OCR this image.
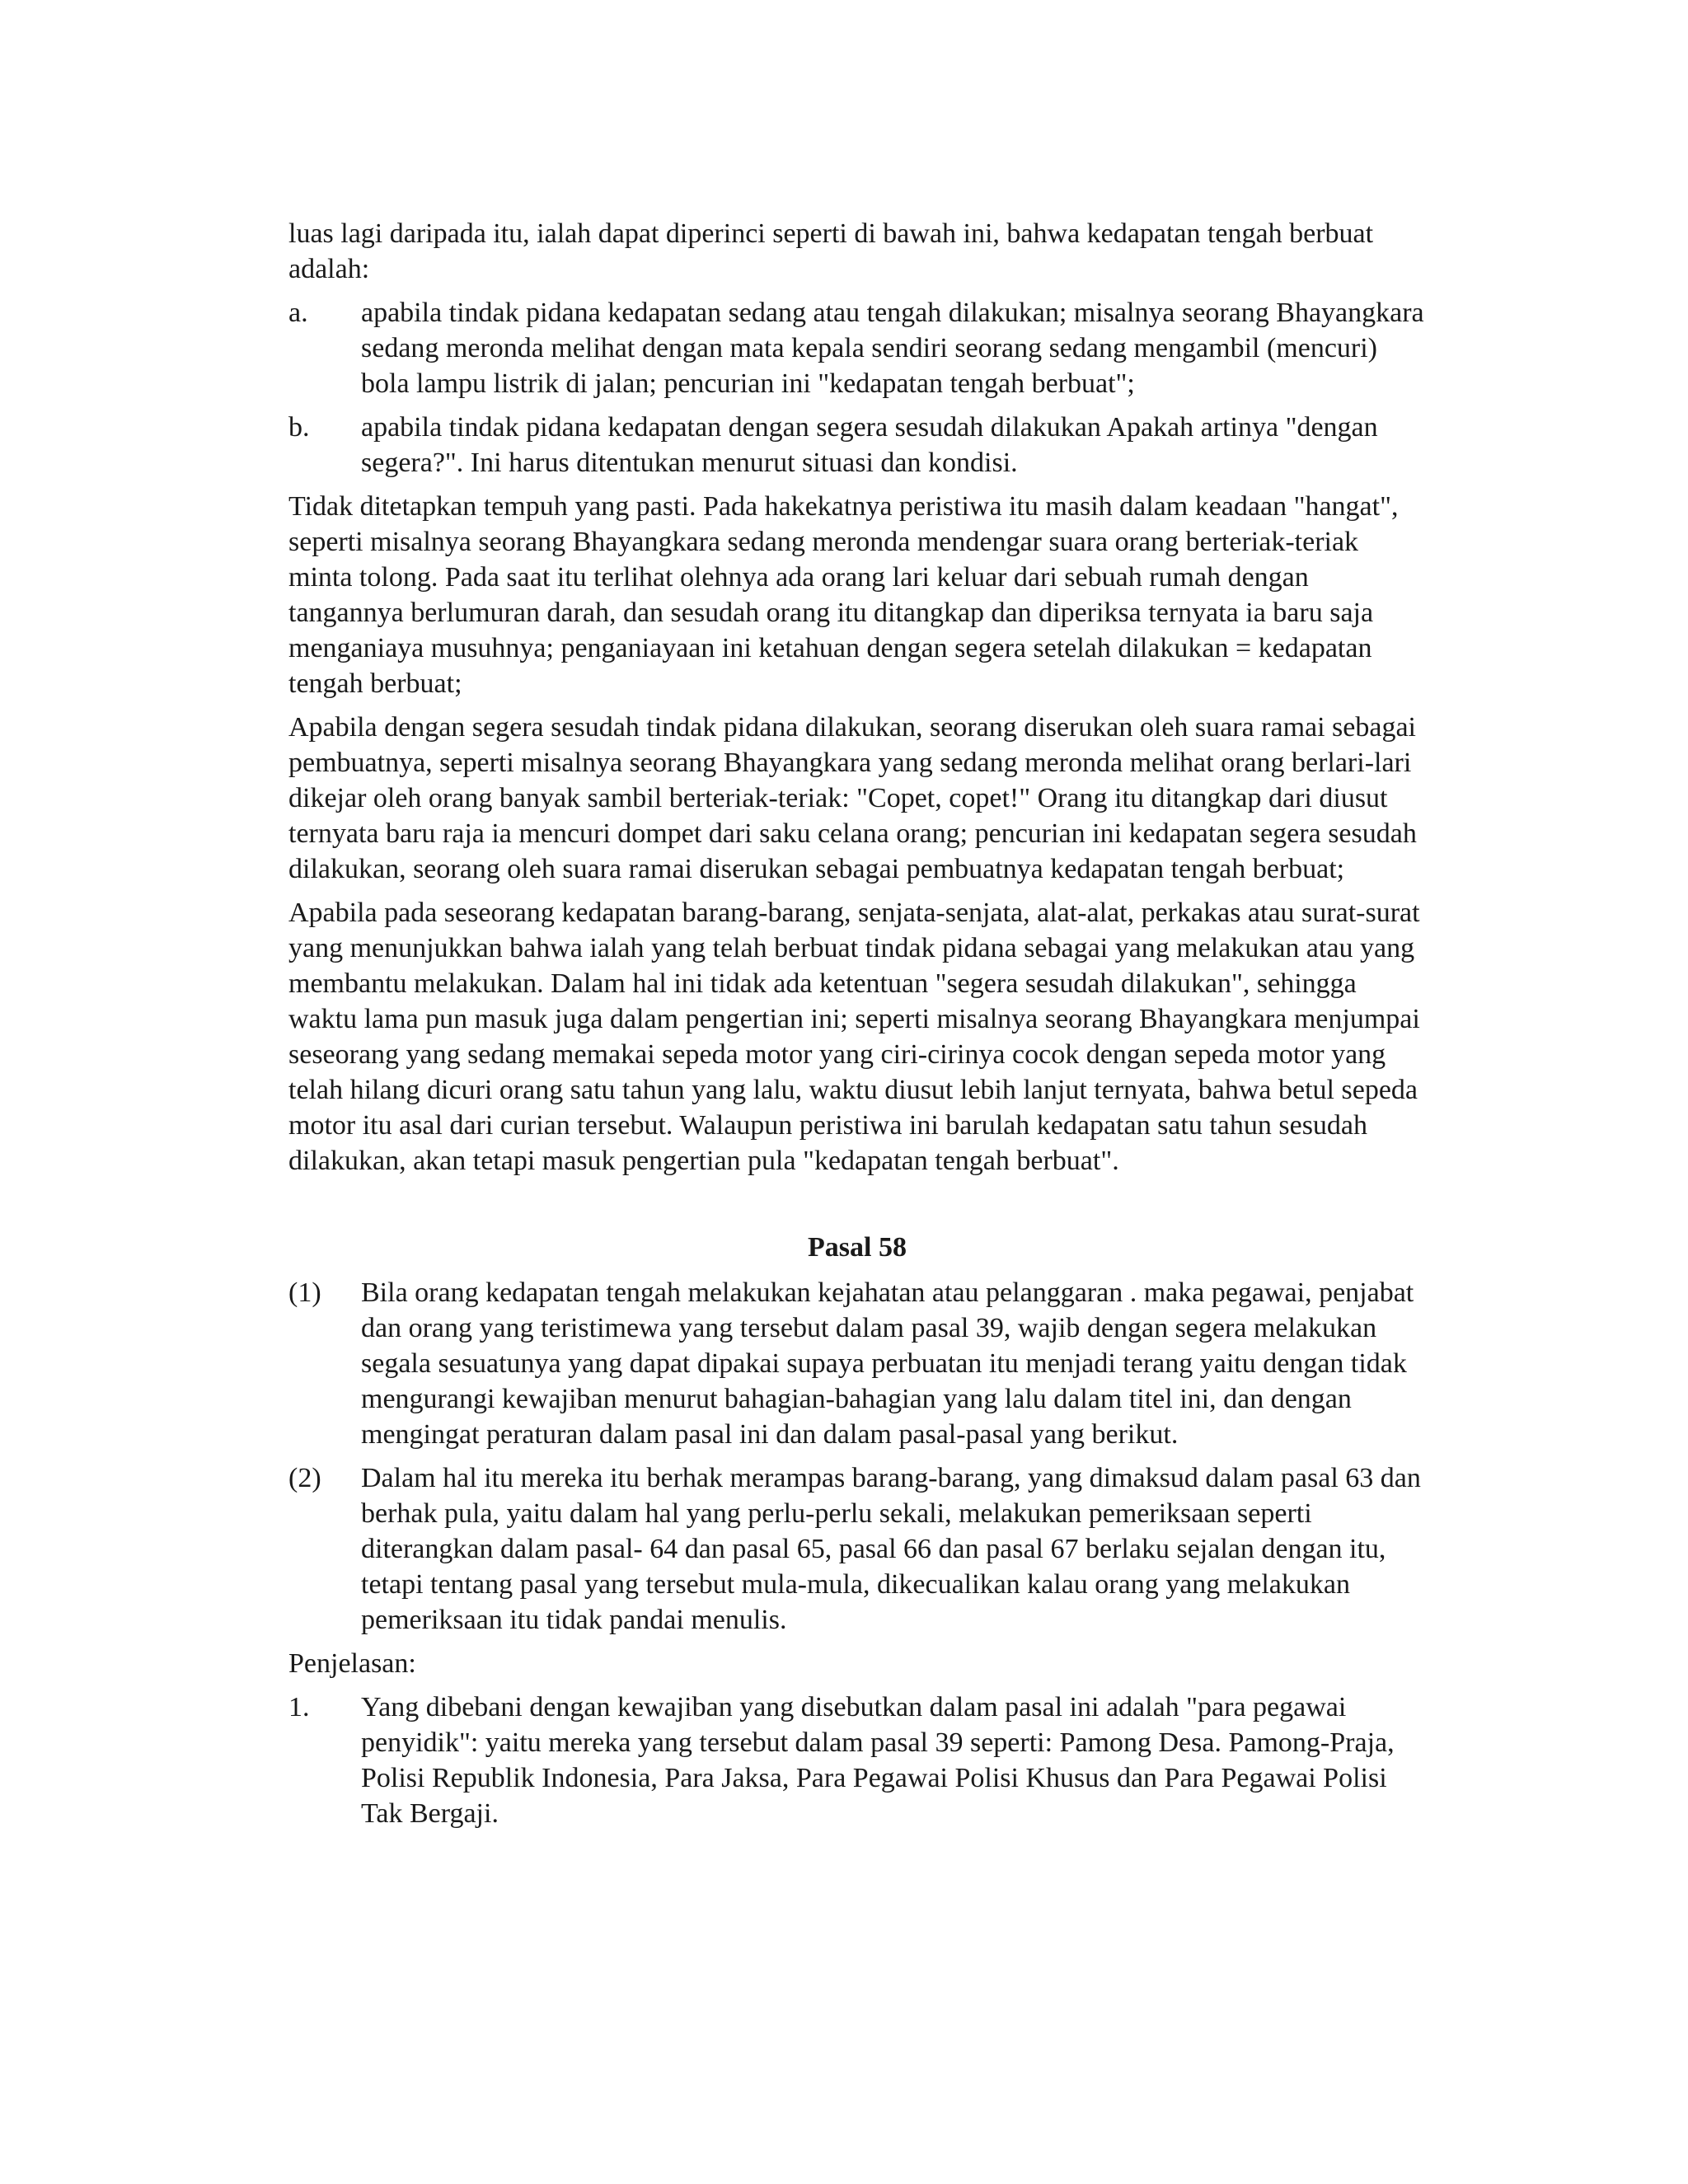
luas lagi daripada itu, ialah dapat diperinci seperti di bawah ini, bahwa kedapatan tengah berbuat adalah:

a.	apabila tindak pidana kedapatan sedang atau tengah dilakukan; misalnya seorang Bhayangkara sedang meronda melihat dengan mata kepala sendiri seorang sedang mengambil (mencuri) bola lampu listrik di jalan; pencurian ini "kedapatan tengah berbuat";
b.	apabila tindak pidana kedapatan dengan segera sesudah dilakukan Apakah artinya "dengan segera?". Ini harus ditentukan menurut situasi dan kondisi.

Tidak ditetapkan tempuh yang pasti. Pada hakekatnya peristiwa itu masih dalam keadaan "hangat", seperti misalnya seorang Bhayangkara sedang meronda mendengar suara orang berteriak-teriak minta tolong. Pada saat itu terlihat olehnya ada orang lari keluar dari sebuah rumah dengan tangannya berlumuran darah, dan sesudah orang itu ditangkap dan diperiksa ternyata ia baru saja menganiaya musuhnya; penganiayaan ini ketahuan dengan segera setelah dilakukan = kedapatan tengah berbuat;

Apabila dengan segera sesudah tindak pidana dilakukan, seorang diserukan oleh suara ramai sebagai pembuatnya, seperti misalnya seorang Bhayangkara yang sedang meronda melihat orang berlari-lari dikejar oleh orang banyak sambil berteriak-teriak: "Copet, copet!" Orang itu ditangkap dari diusut ternyata baru raja ia mencuri dompet dari saku celana orang; pencurian ini kedapatan segera sesudah dilakukan, seorang oleh suara ramai diserukan sebagai pembuatnya kedapatan tengah berbuat;

Apabila pada seseorang kedapatan barang-barang, senjata-senjata, alat-alat, perkakas atau surat-surat yang menunjukkan bahwa ialah yang telah berbuat tindak pidana sebagai yang melakukan atau yang membantu melakukan. Dalam hal ini tidak ada ketentuan "segera sesudah dilakukan", sehingga waktu lama pun masuk juga dalam pengertian ini; seperti misalnya seorang Bhayangkara menjumpai seseorang yang sedang memakai sepeda motor yang ciri-cirinya cocok dengan sepeda motor yang telah hilang dicuri orang satu tahun yang lalu, waktu diusut lebih lanjut ternyata, bahwa betul sepeda motor itu asal dari curian tersebut. Walaupun peristiwa ini barulah kedapatan satu tahun sesudah dilakukan, akan tetapi masuk pengertian pula "kedapatan tengah berbuat".

Pasal 58
(1)	Bila orang kedapatan tengah melakukan kejahatan atau pelanggaran . maka pegawai, penjabat dan orang yang teristimewa yang tersebut dalam pasal 39, wajib dengan segera melakukan segala sesuatunya yang dapat dipakai supaya perbuatan itu menjadi terang yaitu dengan tidak mengurangi kewajiban menurut bahagian-bahagian yang lalu dalam titel ini, dan dengan mengingat peraturan dalam pasal ini dan dalam pasal-pasal yang berikut.
(2)	Dalam hal itu mereka itu berhak merampas barang-barang, yang dimaksud dalam pasal 63 dan berhak pula, yaitu dalam hal yang perlu-perlu sekali, melakukan pemeriksaan seperti diterangkan dalam pasal- 64 dan pasal 65, pasal 66 dan pasal 67 berlaku sejalan dengan itu, tetapi tentang pasal yang tersebut mula-mula, dikecualikan kalau orang yang melakukan pemeriksaan itu tidak pandai menulis.

Penjelasan:

1.	Yang dibebani dengan kewajiban yang disebutkan dalam pasal ini adalah "para pegawai penyidik": yaitu mereka yang tersebut dalam pasal 39 seperti: Pamong Desa. Pamong-Praja, Polisi Republik Indonesia, Para Jaksa, Para Pegawai Polisi Khusus dan Para Pegawai Polisi Tak Bergaji.
